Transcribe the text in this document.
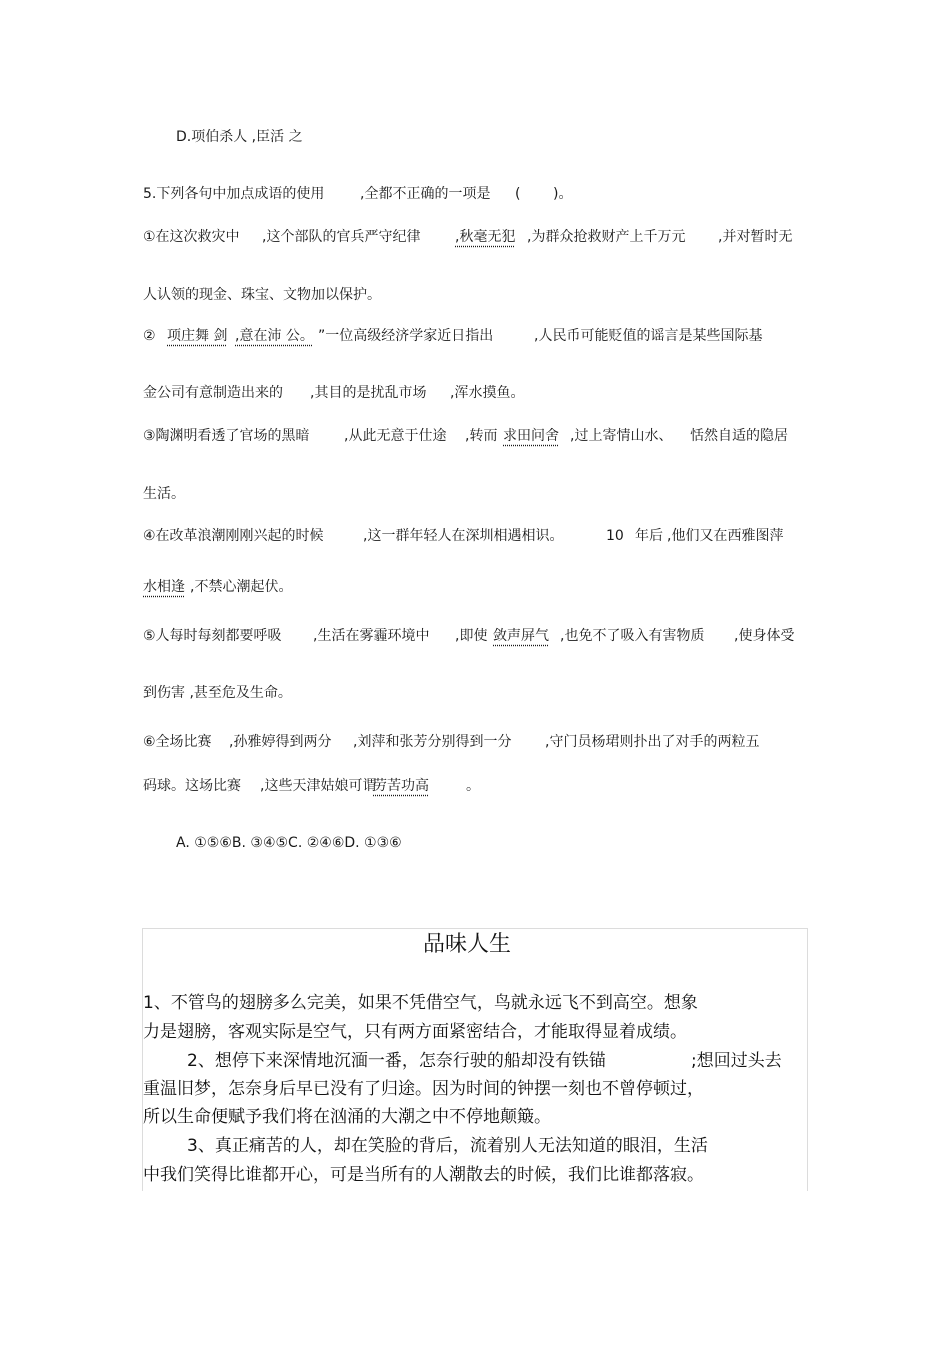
D.项伯杀人 ,臣活 之
5.下列各句中加点成语的使用	,全都不正确的一项是 ( )。
①在这次救灾中 ,这个部队的官兵严守纪律 ,秋毫无犯 ,为群众抢救财产上千万元 ,并对暂时无
人认领的现金、珠宝、文物加以保护。
② 项庄舞 剑 ,意在沛 公。 ”一位高级经济学家近日指出	,人民币可能贬值的谣言是某些国际基
金公司有意制造出来的 ,其目的是扰乱市场 ,浑水摸鱼。
③陶渊明看透了官场的黑暗 ,从此无意于仕途 ,转而 求田问舍 ,过上寄情山水、 恬然自适的隐居
生活。
④在改革浪潮刚刚兴起的时候	,这一群年轻人在深圳相遇相识。	10 年后 ,他们又在西雅图萍
水相逢 ,不禁心潮起伏。
⑤人每时每刻都要呼吸 ,生活在雾霾环境中 ,即使 敛声屏气 ,也免不了吸入有害物质 ,使身体受
到伤害 ,甚至危及生命。
⑥全场比赛 ,孙雅婷得到两分 ,刘萍和张芳分别得到一分 ,守门员杨珺则扑出了对手的两粒五
码球。这场比赛 ,这些天津姑娘可谓
劳苦功高	。
A. ①⑤⑥B. ③④⑤C. ②④⑥D. ①③⑥
品味人生
1、不管鸟的翅膀多么完美，如果不凭借空气，鸟就永远飞不到高空。想象
力是翅膀，客观实际是空气，只有两方面紧密结合，才能取得显着成绩。
2、想停下来深情地沉湎一番，怎奈行驶的船却没有铁锚	;想回过头去
重温旧梦，怎奈身后早已没有了归途。因为时间的钟摆一刻也不曾停顿过，
所以生命便赋予我们将在汹涌的大潮之中不停地颠簸。
3、真正痛苦的人，却在笑脸的背后，流着别人无法知道的眼泪，生活
中我们笑得比谁都开心，可是当所有的人潮散去的时候，我们比谁都落寂。
